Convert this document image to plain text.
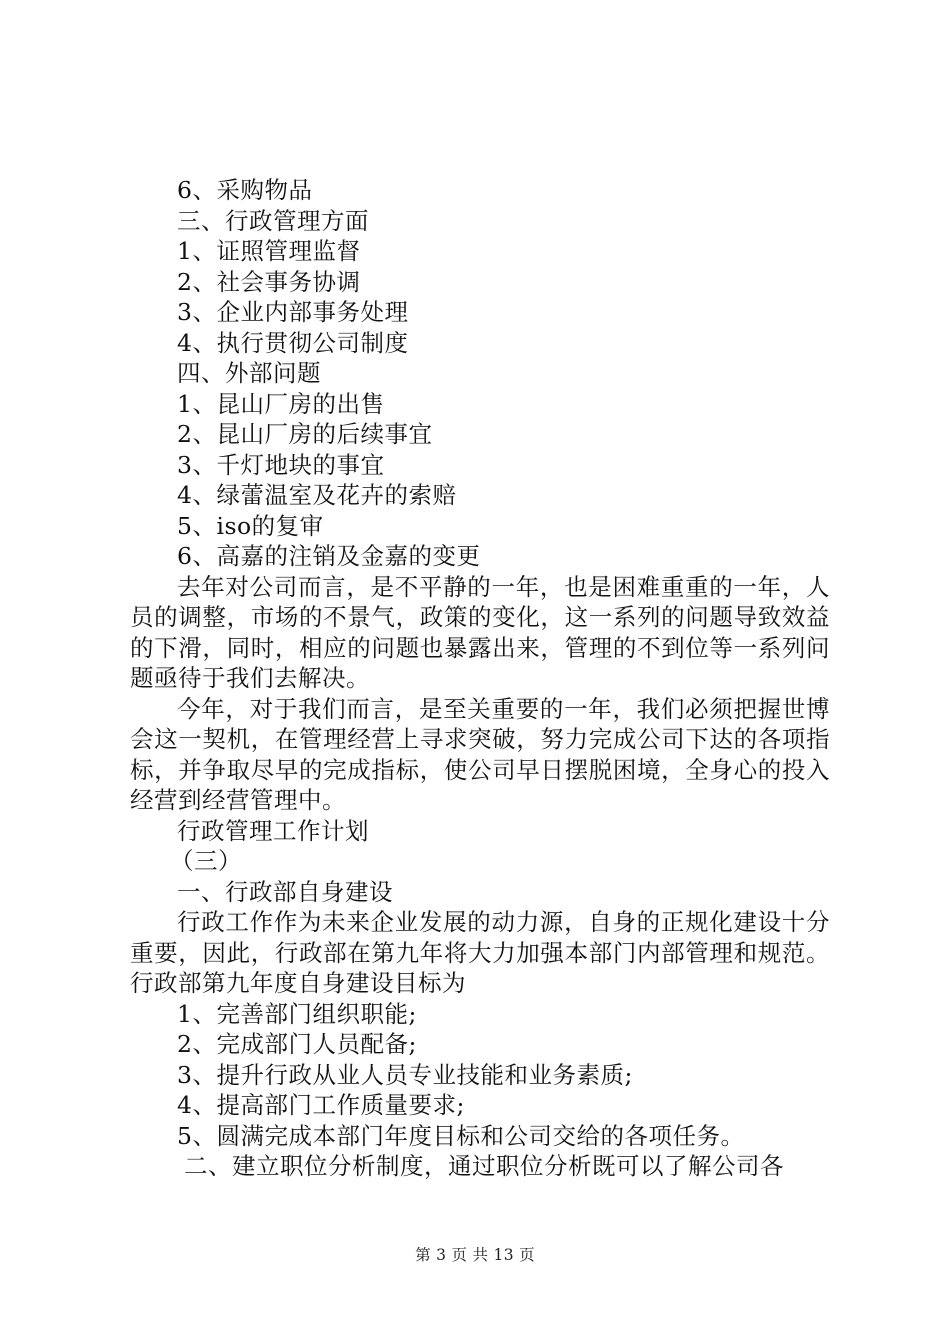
6、采购物品
三、行政管理方面
1、证照管理监督
2、社会事务协调
3、企业内部事务处理
4、执行贯彻公司制度
四、外部问题
1、昆山厂房的出售
2、昆山厂房的后续事宜
3、千灯地块的事宜
4、绿蕾温室及花卉的索赔
5、iso的复审
6、高嘉的注销及金嘉的变更
去年对公司而言，是不平静的一年，也是困难重重的一年，人员的调整，市场的不景气，政策的变化，这一系列的问题导致效益的下滑，同时，相应的问题也暴露出来，管理的不到位等一系列问题亟待于我们去解决。
今年，对于我们而言，是至关重要的一年，我们必须把握世博会这一契机，在管理经营上寻求突破，努力完成公司下达的各项指标，并争取尽早的完成指标，使公司早日摆脱困境，全身心的投入经营到经营管理中。
行政管理工作计划
（三）
一、行政部自身建设
行政工作作为未来企业发展的动力源，自身的正规化建设十分重要，因此，行政部在第九年将大力加强本部门内部管理和规范。行政部第九年度自身建设目标为
1、完善部门组织职能;
2、完成部门人员配备;
3、提升行政从业人员专业技能和业务素质;
4、提高部门工作质量要求;
5、圆满完成本部门年度目标和公司交给的各项任务。
二、建立职位分析制度，通过职位分析既可以了解公司各
第 3 页 共 13 页
